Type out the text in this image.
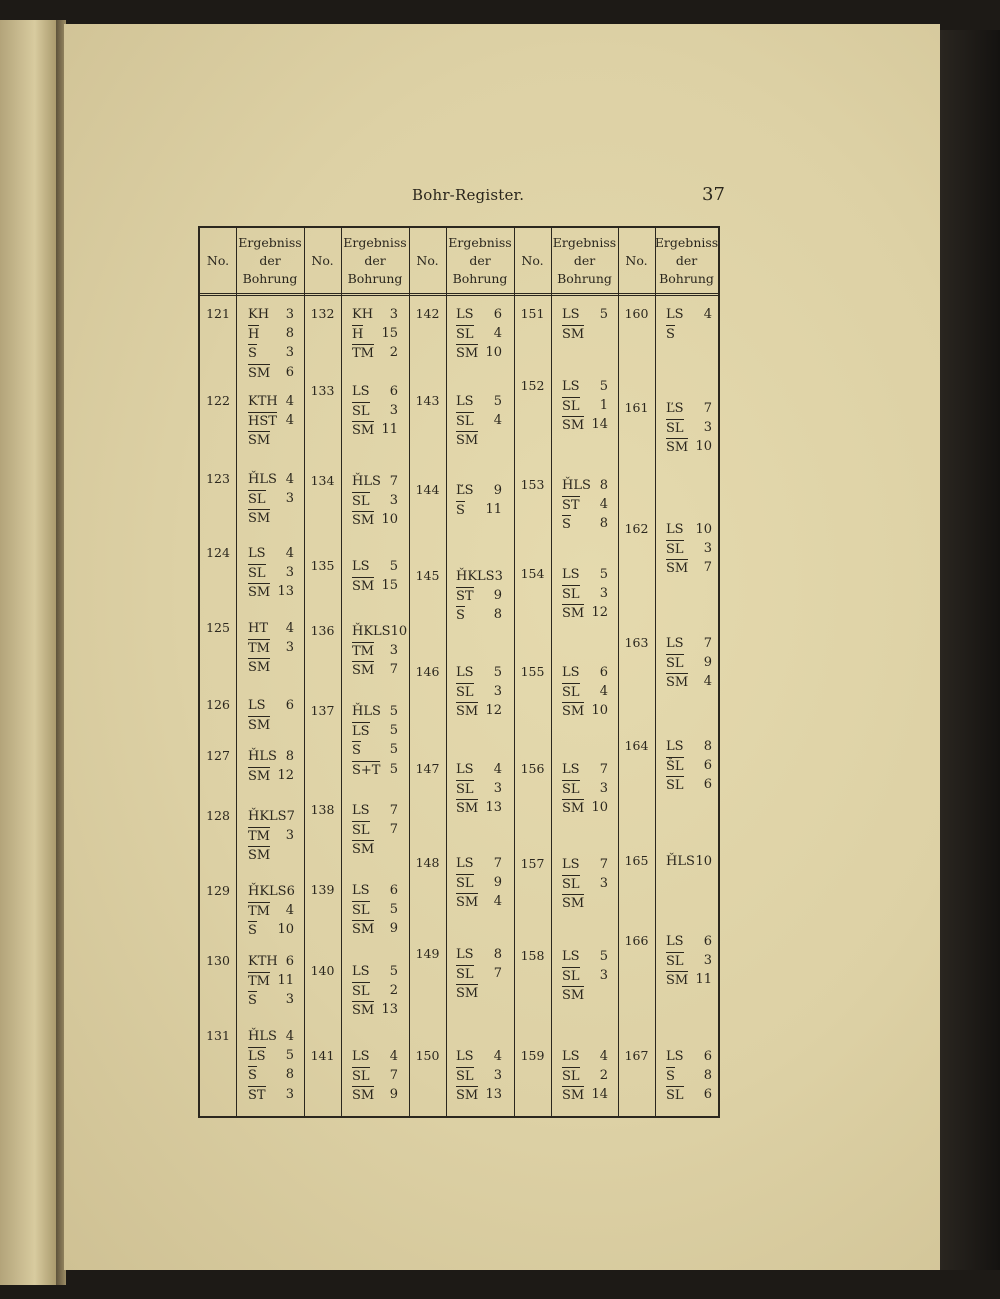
Bohr-Register.	37
No.
Ergebniss
der
Bohrung
No.
Ergebniss
der
Bohrung
No.
Ergebniss
der
Bohrung
No.
Ergebniss
der
Bohrung
No.
Ergebniss
der
Bohrung
121	KH 3
H 8
S 3
SM 6
122	KTH 4
HST 4
SM
123	ȞLS 4
SL 3
SM
124	LS 4
SL 3
SM 13
125	HT 4
TM 3
SM
126	LS 6
SM
127	ȞLS 8
SM 12
128	ȞKLS 7
TM 3
SM
129	ȞKLS 6
TM 4
S 10
130	KTH 6
TM 11
S 3
131	ȞLS 4
LS 5
S 8
ST 3
132	KH 3
H 15
TM 2
133	LS 6
SL 3
SM 11
134	ȞLS 7
SL 3
SM 10
135	LS 5
SM 15
136	ȞKLS 10
TM 3
SM 7
137	ȞLS 5
LS 5
S 5
S+T 5
138	LS 7
SL 7
SM
139	LS 6
SL 5
SM 9
140	LS 5
SL 2
SM 13
141	LS 4
SL 7
SM 9
142	LS 6
SL 4
SM 10
143	LS 5
SL 4
SM
144	Ľ̌S 9
S 11
145	ȞKLS 3
ST 9
S 8
146	LS 5
SL 3
SM 12
147	LS 4
SL 3
SM 13
148	LS 7
SL 9
SM 4
149	LS 8
SL 7
SM
150	LS 4
SL 3
SM 13
151	LS 5
SM
152	LS 5
SL 1
SM 14
153	ȞLS 8
ST 4
S 8
154	LS 5
SL 3
SM 12
155	LS 6
SL 4
SM 10
156	LS 7
SL 3
SM 10
157	LS 7
SL 3
SM
158	LS 5
SL 3
SM
159	LS 4
SL 2
SM 14
160	LS 4
S
161	ĽS 7
SL 3
SM 10
162	LS 10
SL 3
SM 7
163	LS 7
SL 9
SM 4
164	LS 8
ŠL 6
SL 6
165	ȞLS 10
166	LS 6
SL 3
SM 11
167	LS 6
S 8
SL 6
